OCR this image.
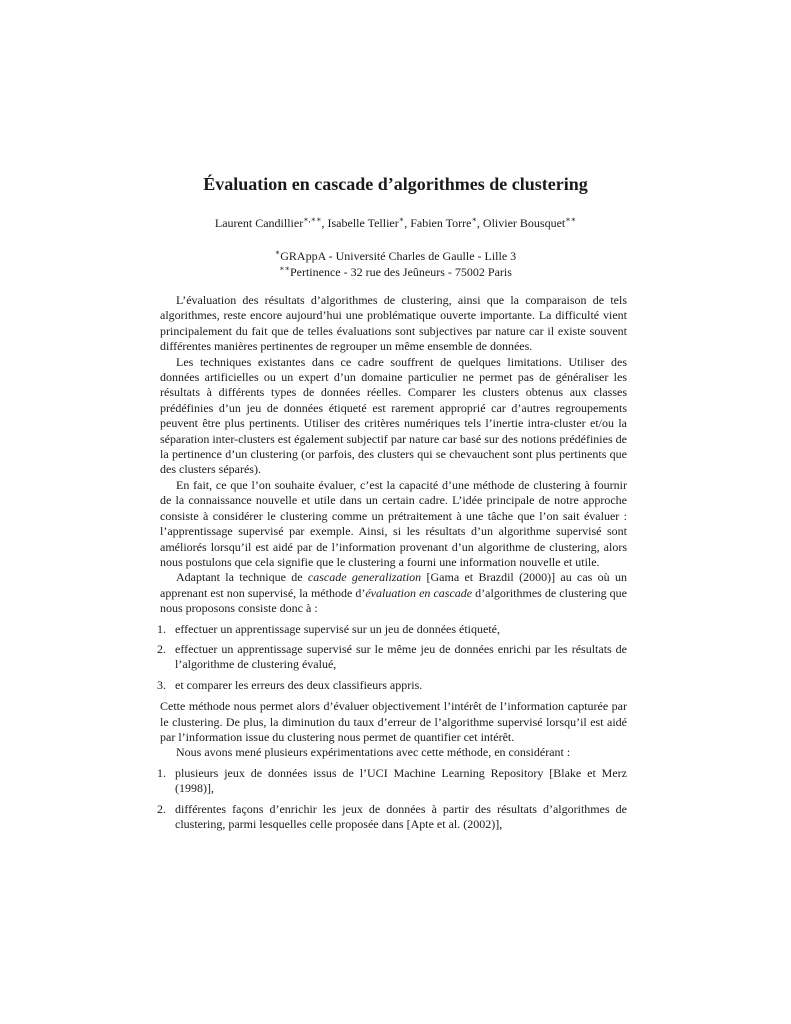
Évaluation en cascade d’algorithmes de clustering
Laurent Candillier∗,∗∗, Isabelle Tellier∗, Fabien Torre∗, Olivier Bousquet∗∗
∗GRAppA - Université Charles de Gaulle - Lille 3
∗∗Pertinence - 32 rue des Jeûneurs - 75002 Paris

L’évaluation des résultats d’algorithmes de clustering, ainsi que la comparaison de tels algorithmes, reste encore aujourd’hui une problématique ouverte importante. La difficulté vient principalement du fait que de telles évaluations sont subjectives par nature car il existe souvent différentes manières pertinentes de regrouper un même ensemble de données.

Les techniques existantes dans ce cadre souffrent de quelques limitations. Utiliser des données artificielles ou un expert d’un domaine particulier ne permet pas de généraliser les résultats à différents types de données réelles. Comparer les clusters obtenus aux classes prédéfinies d’un jeu de données étiqueté est rarement approprié car d’autres regroupements peuvent être plus pertinents. Utiliser des critères numériques tels l’inertie intra-cluster et/ou la séparation inter-clusters est également subjectif par nature car basé sur des notions prédéfinies de la pertinence d’un clustering (or parfois, des clusters qui se chevauchent sont plus pertinents que des clusters séparés).

En fait, ce que l’on souhaite évaluer, c’est la capacité d’une méthode de clustering à fournir de la connaissance nouvelle et utile dans un certain cadre. L’idée principale de notre approche consiste à considérer le clustering comme un prétraitement à une tâche que l’on sait évaluer : l’apprentissage supervisé par exemple. Ainsi, si les résultats d’un algorithme supervisé sont améliorés lorsqu’il est aidé par de l’information provenant d’un algorithme de clustering, alors nous postulons que cela signifie que le clustering a fourni une information nouvelle et utile.

Adaptant la technique de cascade generalization [Gama et Brazdil (2000)] au cas où un apprenant est non supervisé, la méthode d’évaluation en cascade d’algorithmes de clustering que nous proposons consiste donc à :

1. effectuer un apprentissage supervisé sur un jeu de données étiqueté,
2. effectuer un apprentissage supervisé sur le même jeu de données enrichi par les résultats de l’algorithme de clustering évalué,
3. et comparer les erreurs des deux classifieurs appris.

Cette méthode nous permet alors d’évaluer objectivement l’intérêt de l’information capturée par le clustering. De plus, la diminution du taux d’erreur de l’algorithme supervisé lorsqu’il est aidé par l’information issue du clustering nous permet de quantifier cet intérêt.

Nous avons mené plusieurs expérimentations avec cette méthode, en considérant :

1. plusieurs jeux de données issus de l’UCI Machine Learning Repository [Blake et Merz (1998)],
2. différentes façons d’enrichir les jeux de données à partir des résultats d’algorithmes de clustering, parmi lesquelles celle proposée dans [Apte et al. (2002)],
